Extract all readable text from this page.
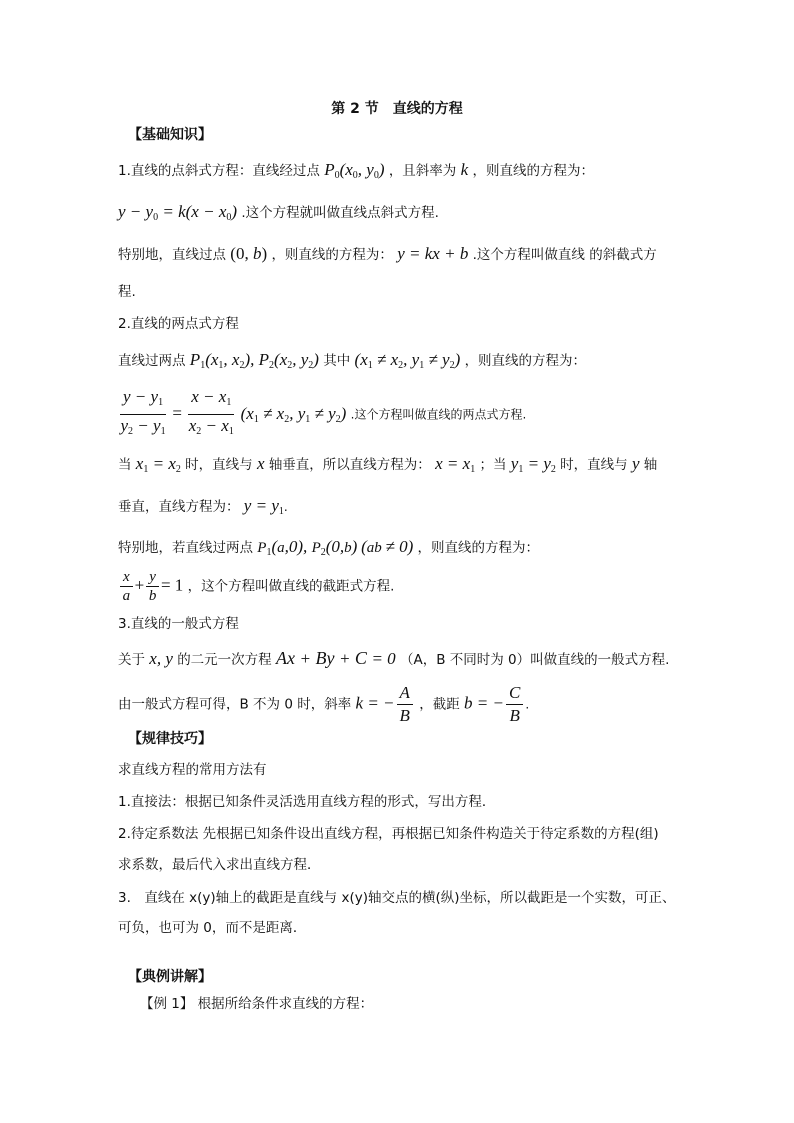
第 2 节　直线的方程
【基础知识】
1.直线的点斜式方程：直线经过点 $P_0(x_0$, $y_0$) ，且斜率为 k ，则直线的方程为：
$y - y_0 = k(x - x_0)$ .这个方程就叫做直线点斜式方程.
特别地，直线过点 (0, b) ，则直线的方程为： y = kx + b .这个方程叫做直线 的斜截式方
程.
2.直线的两点式方程
直线过两点 $P_1(x_1$, $x_2$), $P_2(x_2$, $y_2$) 其中 ($x_1 \ne x_2$, $y_1 \ne y_2$) ，则直线的方程为：
$\frac{y - y_1}{y_2 - y_1} = \frac{x - x_1}{x_2 - x_1} (x_1 \ne x_2$, $y_1 \ne y_2$) .这个方程叫做直线的两点式方程.
当 $x_1 = x_2$ 时，直线与 x 轴垂直，所以直线方程为： $x = x_1$ ；当 $y_1 = y_2$ 时，直线与 y 轴
垂直，直线方程为： $y = y_1$.
特别地，若直线过两点 $P_1(a,0)$, $P_2(0,b) (ab \ne 0)$ ，则直线的方程为：
$\frac{x}{a} + \frac{y}{b} = 1$ ，这个方程叫做直线的截距式方程.
3.直线的一般式方程
关于 x, y 的二元一次方程 Ax + By + C = 0 （A，B 不同时为 0）叫做直线的一般式方程.
由一般式方程可得，B 不为 0 时，斜率 k = − $\frac{A}{B}$ ，截距 b = − $\frac{C}{B}$ .
【规律技巧】
求直线方程的常用方法有
1.直接法：根据已知条件灵活选用直线方程的形式，写出方程．
2.待定系数法 先根据已知条件设出直线方程，再根据已知条件构造关于待定系数的方程(组)
求系数，最后代入求出直线方程．
3.　直线在 x(y)轴上的截距是直线与 x(y)轴交点的横(纵)坐标，所以截距是一个实数，可正、
可负，也可为 0，而不是距离．
【典例讲解】
【例 1】 根据所给条件求直线的方程：
